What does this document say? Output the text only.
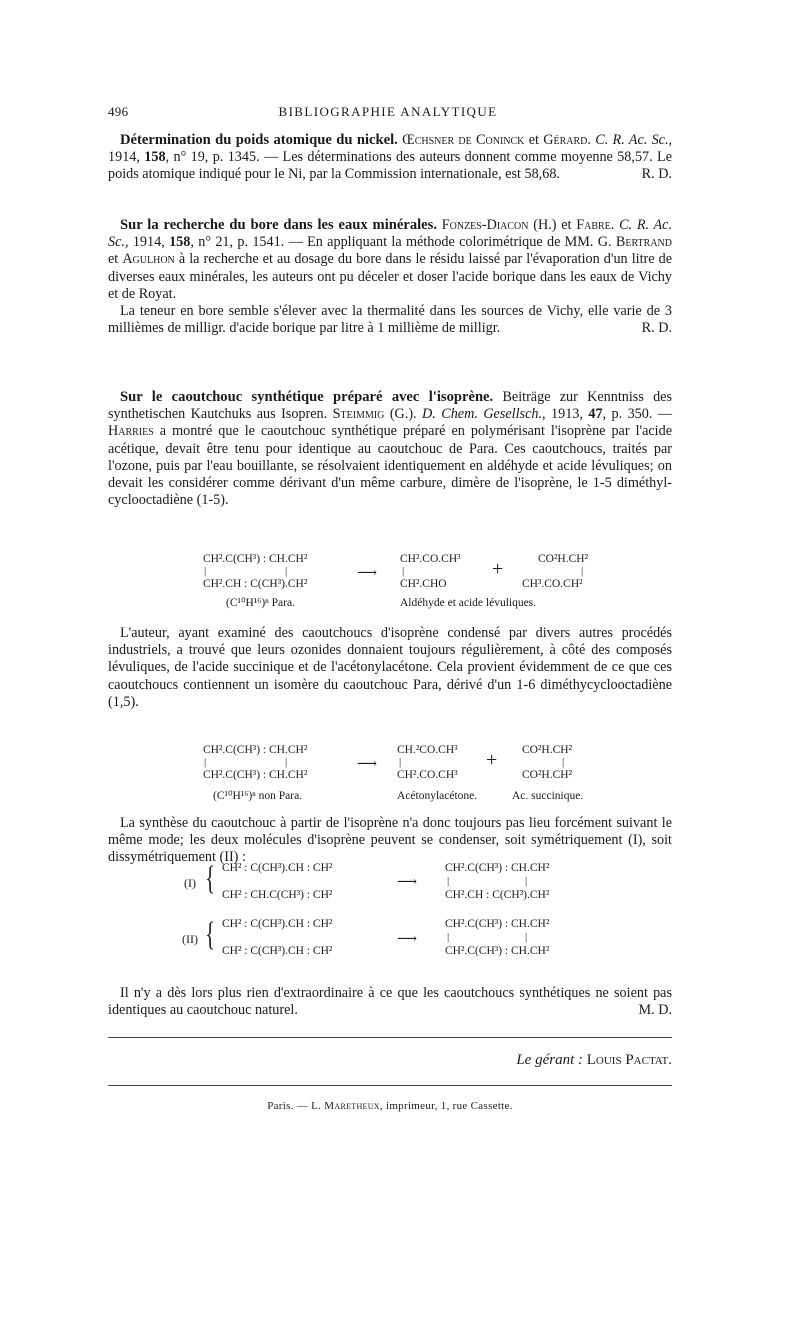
496	BIBLIOGRAPHIE ANALYTIQUE

Détermination du poids atomique du nickel. Œchsner de Coninck et Gérard. C. R. Ac. Sc., 1914, 158, n° 19, p. 1345. — Les déterminations des auteurs donnent comme moyenne 58,57. Le poids atomique indiqué pour le Ni, par la Commission internationale, est 58,68.	R. D.

Sur la recherche du bore dans les eaux minérales. Fonzes-Diacon (H.) et Fabre. C. R. Ac. Sc., 1914, 158, n° 21, p. 1541. — En appliquant la méthode colorimétrique de MM. G. Bertrand et Agulhon à la recherche et au dosage du bore dans le résidu laissé par l'évaporation d'un litre de diverses eaux minérales, les auteurs ont pu déceler et doser l'acide borique dans les eaux de Vichy et de Royat.

La teneur en bore semble s'élever avec la thermalité dans les sources de Vichy, elle varie de 3 millièmes de milligr. d'acide borique par litre à 1 millième de milligr.	R. D.

Sur le caoutchouc synthétique préparé avec l'isoprène. Beiträge zur Kenntniss des synthetischen Kautchuks aus Isopren. Steimmig (G.). D. Chem. Gesellsch., 1913, 47, p. 350. — Harries a montré que le caoutchouc synthétique préparé en polymérisant l'isoprène par l'acide acétique, devait être tenu pour identique au caoutchouc de Para. Ces caoutchoucs, traités par l'ozone, puis par l'eau bouillante, se résolvaient identiquement en aldéhyde et acide lévuliques; on devait les considérer comme dérivant d'un même carbure, dimère de l'isoprène, le 1-5 diméthyl-cyclooctadiène (1-5).

CH².C(CH³) : CH.CH²
|	|
CH².CH : C(CH³).CH²
(C¹⁰H¹⁶)ⁿ Para.
⟶
CH².CO.CH³
|
CH².CHO
+	CO²H.CH²
|
CH³.CO.CH²
Aldéhyde et acide lévuliques.

L'auteur, ayant examiné des caoutchoucs d'isoprène condensé par divers autres procédés industriels, a trouvé que leurs ozonides donnaient toujours régulièrement, à côté des composés lévuliques, de l'acide succinique et de l'acétonylacétone. Cela provient évidemment de ce que ces caoutchoucs contiennent un isomère du caoutchouc Para, dérivé d'un 1-6 diméthycyclooctadiène (1,5).

CH².C(CH³) : CH.CH²
|	|
CH².C(CH³) : CH.CH²
(C¹⁰H¹⁶)ⁿ non Para.
⟶
CH.²CO.CH³
|
CH².CO.CH³
Acétonylacétone.
+ CO²H.CH²
|
CO²H.CH²
Ac. succinique.

La synthèse du caoutchouc à partir de l'isoprène n'a donc toujours pas lieu forcément suivant le même mode; les deux molécules d'isoprène peuvent se condenser, soit symétriquement (I), soit dissymétriquement (II) :

(I) { CH² : C(CH³).CH : CH²
CH² : CH.C(CH³) : CH²
⟶
CH².C(CH³) : CH.CH²
|	|
CH².CH : C(CH³).CH²
(II) { CH² : C(CH³).CH : CH²
CH² : C(CH³).CH : CH²
⟶
CH².C(CH³) : CH.CH²
|	|
CH².C(CH³) : CH.CH²

Il n'y a dès lors plus rien d'extraordinaire à ce que les caoutchoucs synthétiques ne soient pas identiques au caoutchouc naturel.	M. D.

Le gérant : Louis Pactat.
Paris. — L. Maretheux, imprimeur, 1, rue Cassette.
